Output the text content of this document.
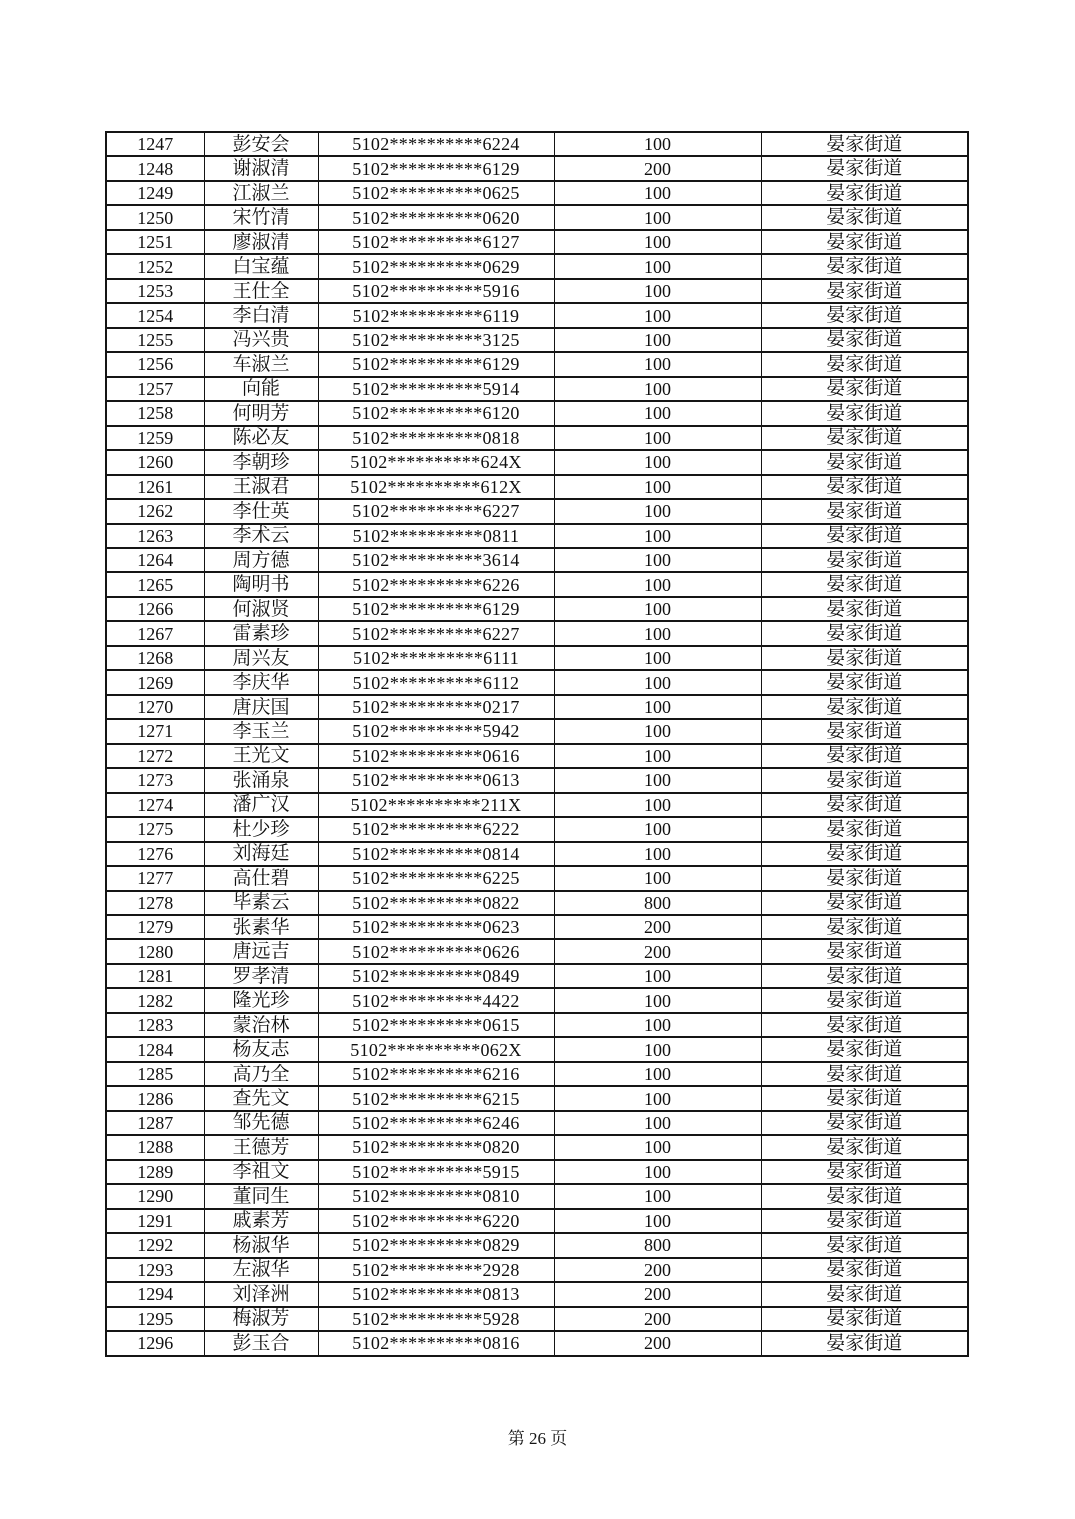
1247	彭安会	5102**********6224	100	晏家街道
1248	谢淑清	5102**********6129	200	晏家街道
1249	江淑兰	5102**********0625	100	晏家街道
1250	宋竹清	5102**********0620	100	晏家街道
1251	廖淑清	5102**********6127	100	晏家街道
1252	白宝蕴	5102**********0629	100	晏家街道
1253	王仕全	5102**********5916	100	晏家街道
1254	李白清	5102**********6119	100	晏家街道
1255	冯兴贵	5102**********3125	100	晏家街道
1256	车淑兰	5102**********6129	100	晏家街道
1257	向能	5102**********5914	100	晏家街道
1258	何明芳	5102**********6120	100	晏家街道
1259	陈必友	5102**********0818	100	晏家街道
1260	李朝珍	5102**********624X	100	晏家街道
1261	王淑君	5102**********612X	100	晏家街道
1262	李仕英	5102**********6227	100	晏家街道
1263	李术云	5102**********0811	100	晏家街道
1264	周方德	5102**********3614	100	晏家街道
1265	陶明书	5102**********6226	100	晏家街道
1266	何淑贤	5102**********6129	100	晏家街道
1267	雷素珍	5102**********6227	100	晏家街道
1268	周兴友	5102**********6111	100	晏家街道
1269	李庆华	5102**********6112	100	晏家街道
1270	唐庆国	5102**********0217	100	晏家街道
1271	李玉兰	5102**********5942	100	晏家街道
1272	王光文	5102**********0616	100	晏家街道
1273	张涌泉	5102**********0613	100	晏家街道
1274	潘广汉	5102**********211X	100	晏家街道
1275	杜少珍	5102**********6222	100	晏家街道
1276	刘海廷	5102**********0814	100	晏家街道
1277	高仕碧	5102**********6225	100	晏家街道
1278	毕素云	5102**********0822	800	晏家街道
1279	张素华	5102**********0623	200	晏家街道
1280	唐远吉	5102**********0626	200	晏家街道
1281	罗孝清	5102**********0849	100	晏家街道
1282	隆光珍	5102**********4422	100	晏家街道
1283	蒙治林	5102**********0615	100	晏家街道
1284	杨友志	5102**********062X	100	晏家街道
1285	高乃全	5102**********6216	100	晏家街道
1286	查先文	5102**********6215	100	晏家街道
1287	邹先德	5102**********6246	100	晏家街道
1288	王德芳	5102**********0820	100	晏家街道
1289	李祖文	5102**********5915	100	晏家街道
1290	董同生	5102**********0810	100	晏家街道
1291	戚素芳	5102**********6220	100	晏家街道
1292	杨淑华	5102**********0829	800	晏家街道
1293	左淑华	5102**********2928	200	晏家街道
1294	刘泽洲	5102**********0813	200	晏家街道
1295	梅淑芳	5102**********5928	200	晏家街道
1296	彭玉合	5102**********0816	200	晏家街道
第 26 页
